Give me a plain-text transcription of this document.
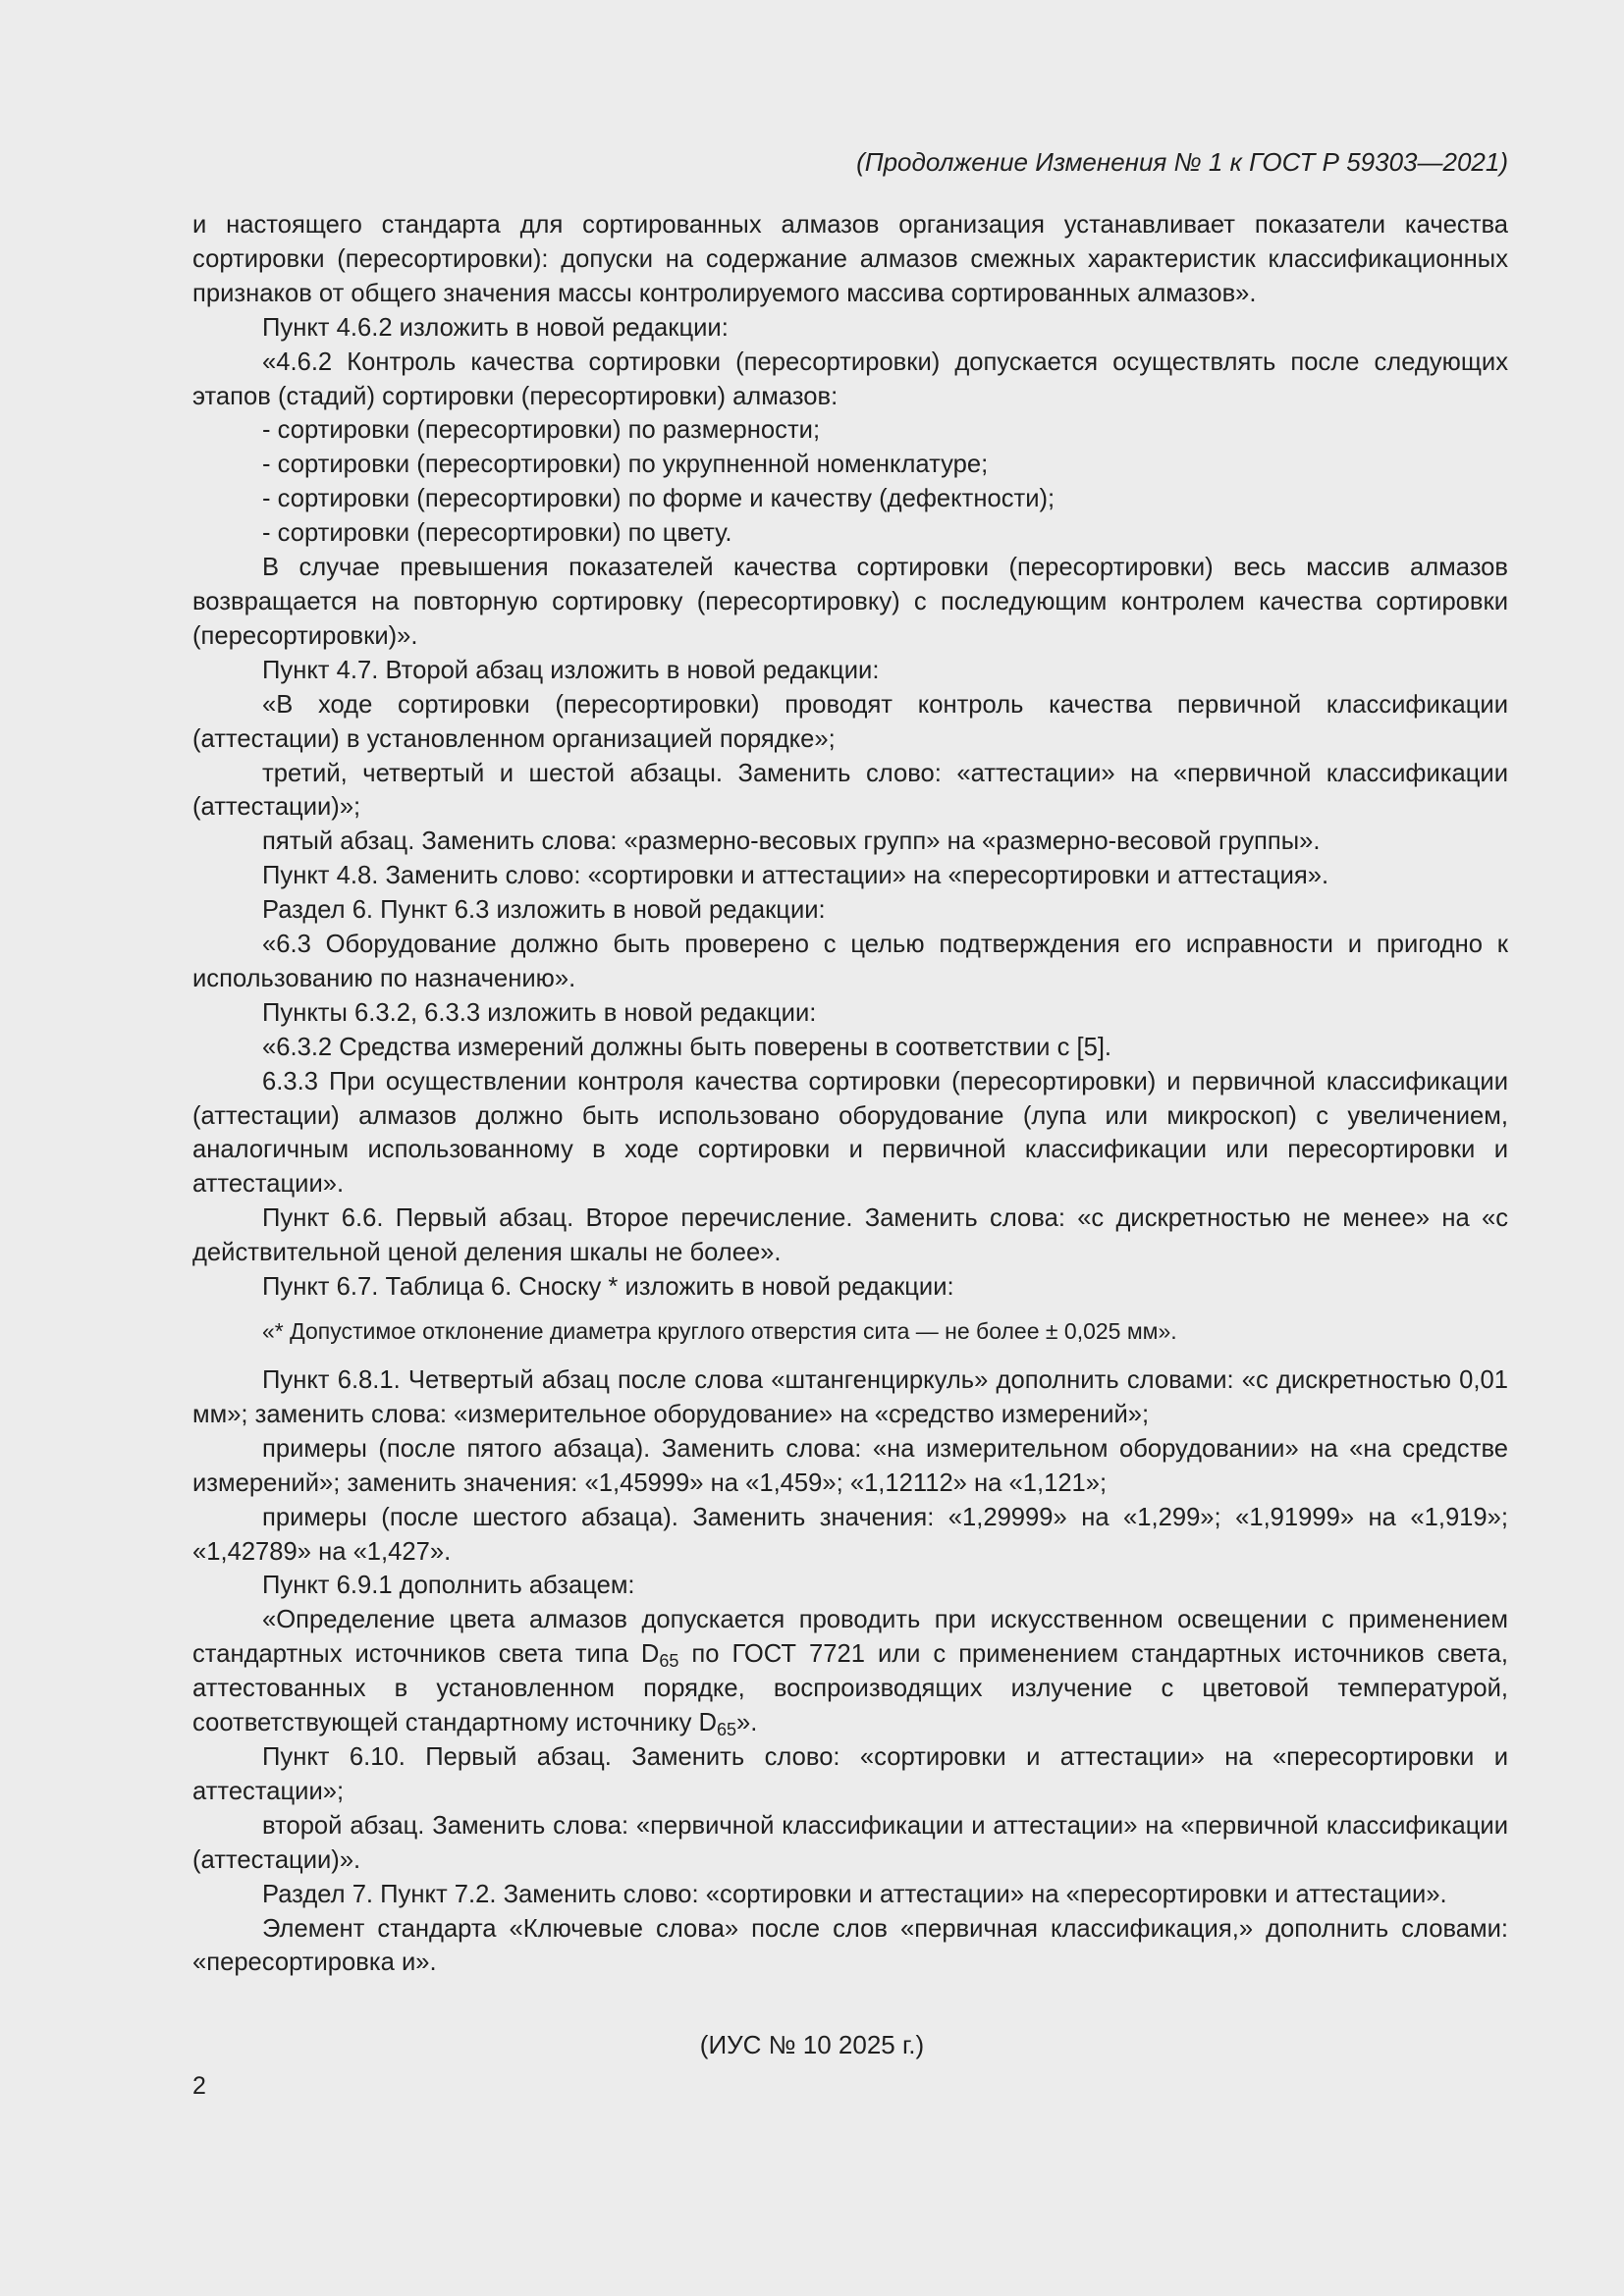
(Продолжение Изменения № 1 к ГОСТ Р 59303—2021)

и настоящего стандарта для сортированных алмазов организация устанавливает показатели качества сортировки (пересортировки): допуски на содержание алмазов смежных характеристик классификационных признаков от общего значения массы контролируемого массива сортированных алмазов».

Пункт 4.6.2 изложить в новой редакции:

«4.6.2 Контроль качества сортировки (пересортировки) допускается осуществлять после следующих этапов (стадий) сортировки (пересортировки) алмазов:

- сортировки (пересортировки) по размерности;

- сортировки (пересортировки) по укрупненной номенклатуре;

- сортировки (пересортировки) по форме и качеству (дефектности);

- сортировки (пересортировки) по цвету.

В случае превышения показателей качества сортировки (пересортировки) весь массив алмазов возвращается на повторную сортировку (пересортировку) с последующим контролем качества сортировки (пересортировки)».

Пункт 4.7. Второй абзац изложить в новой редакции:

«В ходе сортировки (пересортировки) проводят контроль качества первичной классификации (аттестации) в установленном организацией порядке»;

третий, четвертый и шестой абзацы. Заменить слово: «аттестации» на «первичной классификации (аттестации)»;

пятый абзац. Заменить слова: «размерно-весовых групп» на «размерно-весовой группы».

Пункт 4.8. Заменить слово: «сортировки и аттестации» на «пересортировки и аттестация».

Раздел 6. Пункт 6.3 изложить в новой редакции:

«6.3 Оборудование должно быть проверено с целью подтверждения его исправности и пригодно к использованию по назначению».

Пункты 6.3.2, 6.3.3 изложить в новой редакции:

«6.3.2 Средства измерений должны быть поверены в соответствии с [5].

6.3.3 При осуществлении контроля качества сортировки (пересортировки) и первичной классификации (аттестации) алмазов должно быть использовано оборудование (лупа или микроскоп) с увеличением, аналогичным использованному в ходе сортировки и первичной классификации или пересортировки и аттестации».

Пункт 6.6. Первый абзац. Второе перечисление. Заменить слова: «с дискретностью не менее» на «с действительной ценой деления шкалы не более».

Пункт 6.7. Таблица 6. Сноску * изложить в новой редакции:

«* Допустимое отклонение диаметра круглого отверстия сита — не более ± 0,025 мм».

Пункт 6.8.1. Четвертый абзац после слова «штангенциркуль» дополнить словами: «с дискретностью 0,01 мм»; заменить слова: «измерительное оборудование» на «средство измерений»;

примеры (после пятого абзаца). Заменить слова: «на измерительном оборудовании» на «на средстве измерений»; заменить значения: «1,45999» на «1,459»; «1,12112» на «1,121»;

примеры (после шестого абзаца). Заменить значения: «1,29999» на «1,299»; «1,91999» на «1,919»; «1,42789» на «1,427».

Пункт 6.9.1 дополнить абзацем:

«Определение цвета алмазов допускается проводить при искусственном освещении с применением стандартных источников света типа $D_{65}$ по ГОСТ 7721 или с применением стандартных источников света, аттестованных в установленном порядке, воспроизводящих излучение с цветовой температурой, соответствующей стандартному источнику $D_{65}$».

Пункт 6.10. Первый абзац. Заменить слово: «сортировки и аттестации» на «пересортировки и аттестации»;

второй абзац. Заменить слова: «первичной классификации и аттестации» на «первичной классификации (аттестации)».

Раздел 7. Пункт 7.2. Заменить слово: «сортировки и аттестации» на «пересортировки и аттестации».

Элемент стандарта «Ключевые слова» после слов «первичная классификация,» дополнить словами: «пересортировка и».

(ИУС № 10 2025 г.)
2
